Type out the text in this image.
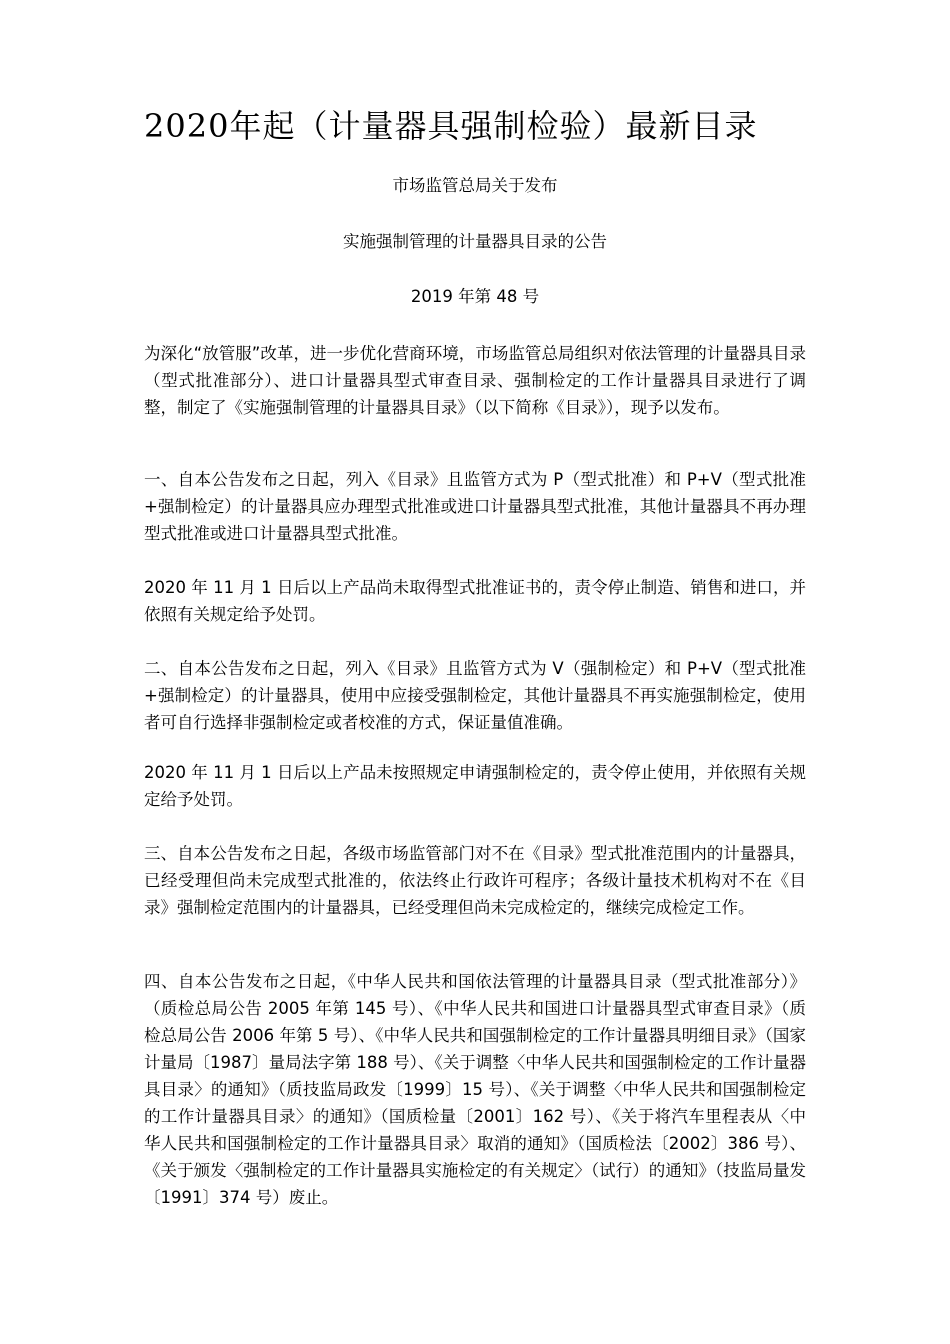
2020年起（计量器具强制检验）最新目录

市场监管总局关于发布

实施强制管理的计量器具目录的公告

2019 年第 48 号

为深化“放管服”改革，进一步优化营商环境，市场监管总局组织对依法管理的计量器具目录（型式批准部分）、进口计量器具型式审查目录、强制检定的工作计量器具目录进行了调整，制定了《实施强制管理的计量器具目录》（以下简称《目录》），现予以发布。

一、自本公告发布之日起，列入《目录》且监管方式为 P（型式批准）和 P+V（型式批准+强制检定）的计量器具应办理型式批准或进口计量器具型式批准，其他计量器具不再办理型式批准或进口计量器具型式批准。

2020 年 11 月 1 日后以上产品尚未取得型式批准证书的，责令停止制造、销售和进口，并依照有关规定给予处罚。

二、自本公告发布之日起，列入《目录》且监管方式为 V（强制检定）和 P+V（型式批准+强制检定）的计量器具，使用中应接受强制检定，其他计量器具不再实施强制检定，使用者可自行选择非强制检定或者校准的方式，保证量值准确。

2020 年 11 月 1 日后以上产品未按照规定申请强制检定的，责令停止使用，并依照有关规定给予处罚。

三、自本公告发布之日起，各级市场监管部门对不在《目录》型式批准范围内的计量器具，已经受理但尚未完成型式批准的，依法终止行政许可程序；各级计量技术机构对不在《目录》强制检定范围内的计量器具，已经受理但尚未完成检定的，继续完成检定工作。

四、自本公告发布之日起，《中华人民共和国依法管理的计量器具目录（型式批准部分）》（质检总局公告 2005 年第 145 号）、《中华人民共和国进口计量器具型式审查目录》（质检总局公告 2006 年第 5 号）、《中华人民共和国强制检定的工作计量器具明细目录》（国家计量局〔1987〕量局法字第 188 号）、《关于调整〈中华人民共和国强制检定的工作计量器具目录〉的通知》（质技监局政发〔1999〕15 号）、《关于调整〈中华人民共和国强制检定的工作计量器具目录〉的通知》（国质检量〔2001〕162 号）、《关于将汽车里程表从〈中华人民共和国强制检定的工作计量器具目录〉取消的通知》（国质检法〔2002〕386 号）、《关于颁发〈强制检定的工作计量器具实施检定的有关规定〉（试行）的通知》（技监局量发〔1991〕374 号）废止。
